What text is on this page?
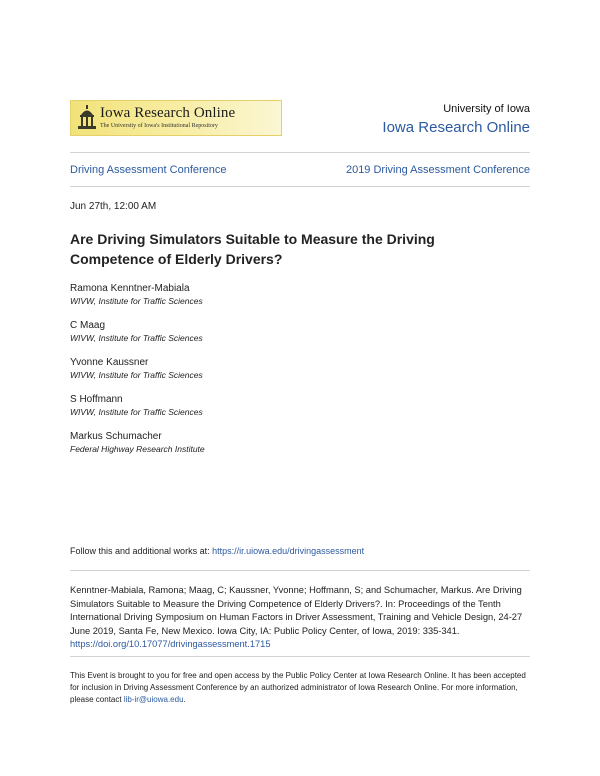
Iowa Research Online
The University of Iowa's Institutional Repository
University of Iowa
Iowa Research Online
Driving Assessment Conference	2019 Driving Assessment Conference
Jun 27th, 12:00 AM
Are Driving Simulators Suitable to Measure the Driving Competence of Elderly Drivers?
Ramona Kenntner-Mabiala
WIVW, Institute for Traffic Sciences
C Maag
WIVW, Institute for Traffic Sciences
Yvonne Kaussner
WIVW, Institute for Traffic Sciences
S Hoffmann
WIVW, Institute for Traffic Sciences
Markus Schumacher
Federal Highway Research Institute
Follow this and additional works at: https://ir.uiowa.edu/drivingassessment
Kenntner-Mabiala, Ramona; Maag, C; Kaussner, Yvonne; Hoffmann, S; and Schumacher, Markus. Are Driving Simulators Suitable to Measure the Driving Competence of Elderly Drivers?. In: Proceedings of the Tenth International Driving Symposium on Human Factors in Driver Assessment, Training and Vehicle Design, 24-27 June 2019, Santa Fe, New Mexico. Iowa City, IA: Public Policy Center, of Iowa, 2019: 335-341. https://doi.org/10.17077/drivingassessment.1715
This Event is brought to you for free and open access by the Public Policy Center at Iowa Research Online. It has been accepted for inclusion in Driving Assessment Conference by an authorized administrator of Iowa Research Online. For more information, please contact lib-ir@uiowa.edu.
